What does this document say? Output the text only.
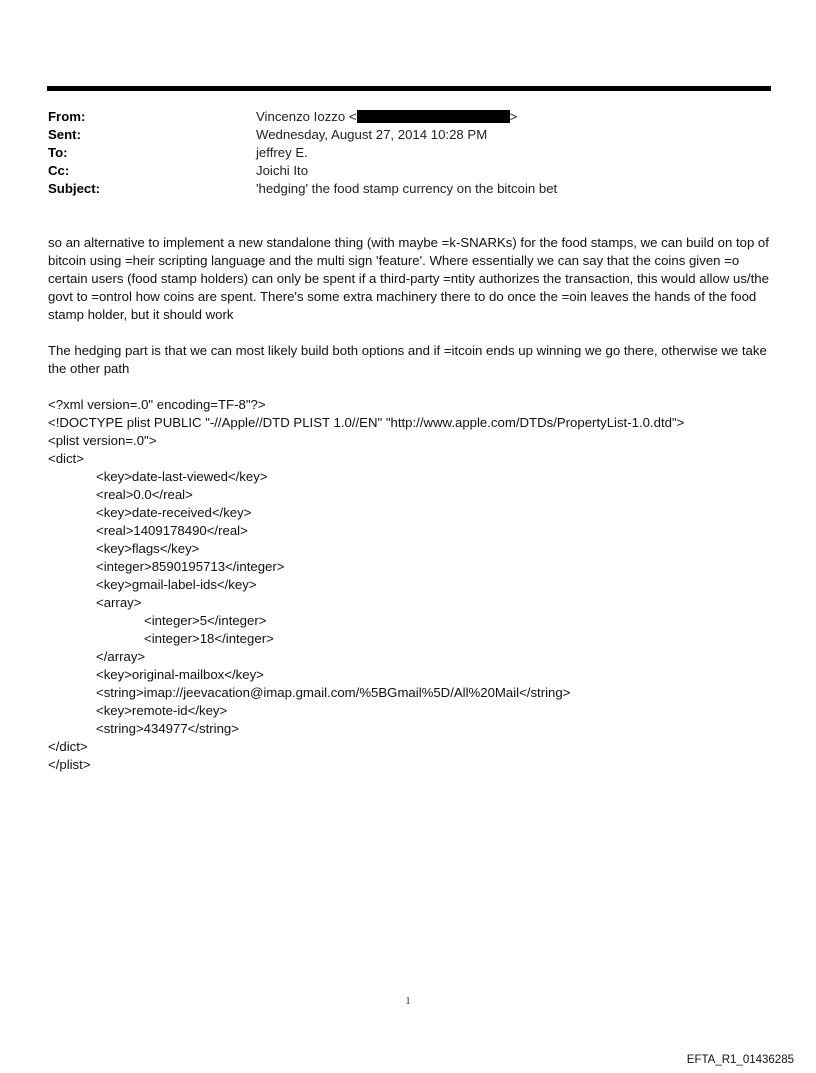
From:	Vincenzo Iozzo <	>
Sent:	Wednesday, August 27, 2014 10:28 PM
To:	jeffrey E.
Cc:	Joichi Ito
Subject:	'hedging' the food stamp currency on the bitcoin bet

so an alternative to implement a new standalone thing (with maybe =k-SNARKs) for the food stamps, we can build on top of bitcoin using =heir scripting language and the multi sign 'feature'. Where essentially we can say that the coins given =o certain users (food stamp holders) can only be spent if a third-party =ntity authorizes the transaction, this would allow us/the govt to =ontrol how coins are spent. There's some extra machinery there to do once the =oin leaves the hands of the food stamp holder, but it should work

The hedging part is that we can most likely build both options and if =itcoin ends up winning we go there, otherwise we take the other path

<?xml version=.0" encoding=TF-8"?>
<!DOCTYPE plist PUBLIC "-//Apple//DTD PLIST 1.0//EN" "http://www.apple.com/DTDs/PropertyList-1.0.dtd">
<plist version=.0">
<dict>
<key>date-last-viewed</key>
<real>0.0</real>
<key>date-received</key>
<real>1409178490</real>
<key>flags</key>
<integer>8590195713</integer>
<key>gmail-label-ids</key>
<array>
<integer>5</integer>
<integer>18</integer>
</array>
<key>original-mailbox</key>
<string>imap://jeevacation@imap.gmail.com/%5BGmail%5D/All%20Mail</string>
<key>remote-id</key>
<string>434977</string>
</dict>
</plist>
1
EFTA_R1_01436285
